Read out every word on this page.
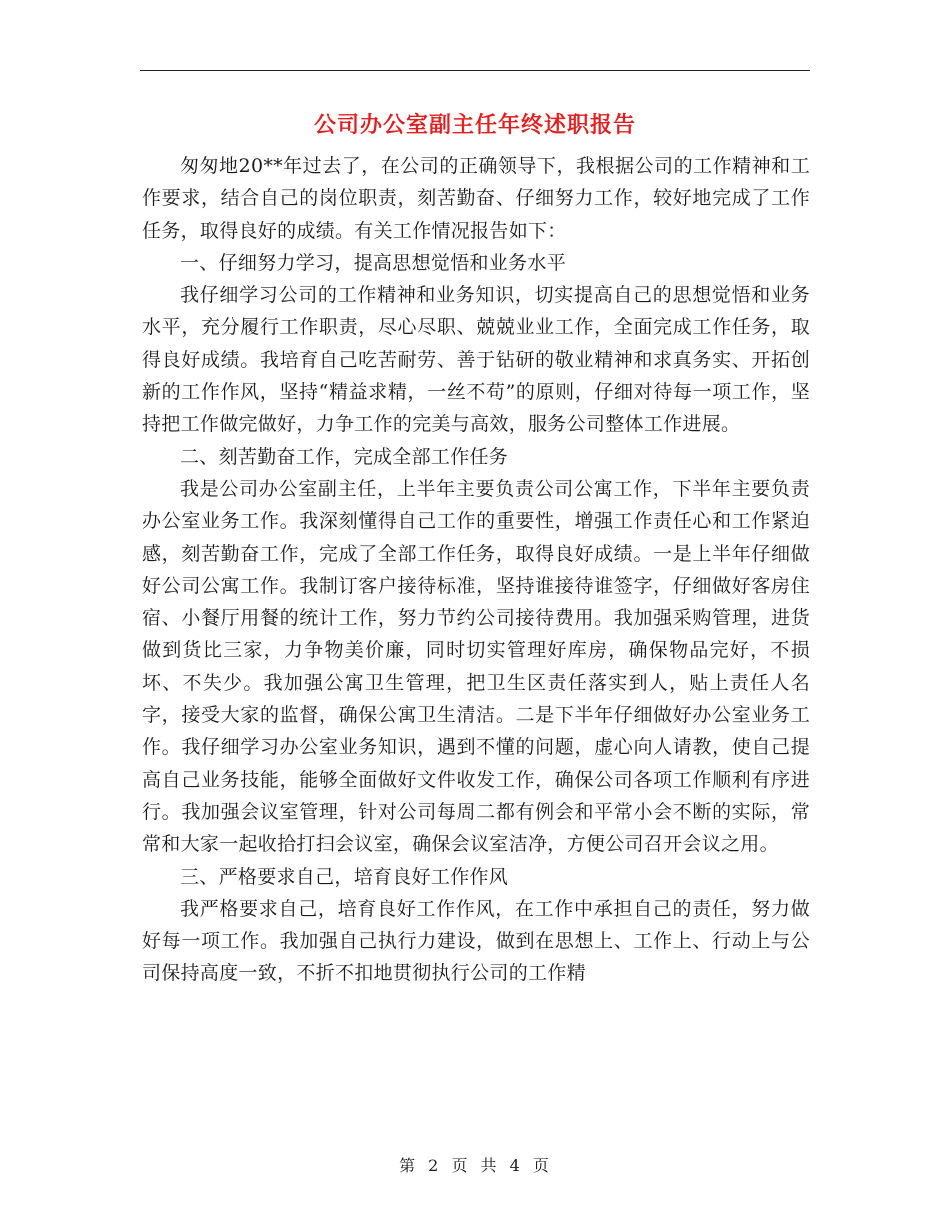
公司办公室副主任年终述职报告

匆匆地20**年过去了，在公司的正确领导下，我根据公司的工作精神和工作要求，结合自己的岗位职责，刻苦勤奋、仔细努力工作，较好地完成了工作任务，取得良好的成绩。有关工作情况报告如下：

一、仔细努力学习，提高思想觉悟和业务水平

我仔细学习公司的工作精神和业务知识，切实提高自己的思想觉悟和业务水平，充分履行工作职责，尽心尽职、兢兢业业工作，全面完成工作任务，取得良好成绩。我培育自己吃苦耐劳、善于钻研的敬业精神和求真务实、开拓创新的工作作风，坚持“精益求精，一丝不苟”的原则，仔细对待每一项工作，坚持把工作做完做好，力争工作的完美与高效，服务公司整体工作进展。

二、刻苦勤奋工作，完成全部工作任务

我是公司办公室副主任，上半年主要负责公司公寓工作，下半年主要负责办公室业务工作。我深刻懂得自己工作的重要性，增强工作责任心和工作紧迫感，刻苦勤奋工作，完成了全部工作任务，取得良好成绩。一是上半年仔细做好公司公寓工作。我制订客户接待标准，坚持谁接待谁签字，仔细做好客房住宿、小餐厅用餐的统计工作，努力节约公司接待费用。我加强采购管理，进货做到货比三家，力争物美价廉，同时切实管理好库房，确保物品完好，不损坏、不失少。我加强公寓卫生管理，把卫生区责任落实到人，贴上责任人名字，接受大家的监督，确保公寓卫生清洁。二是下半年仔细做好办公室业务工作。我仔细学习办公室业务知识，遇到不懂的问题，虚心向人请教，使自己提高自己业务技能，能够全面做好文件收发工作，确保公司各项工作顺利有序进行。我加强会议室管理，针对公司每周二都有例会和平常小会不断的实际，常常和大家一起收拾打扫会议室，确保会议室洁净，方便公司召开会议之用。

三、严格要求自己，培育良好工作作风

我严格要求自己，培育良好工作作风，在工作中承担自己的责任，努力做好每一项工作。我加强自己执行力建设，做到在思想上、工作上、行动上与公司保持高度一致，不折不扣地贯彻执行公司的工作精

第 2 页 共 4 页
